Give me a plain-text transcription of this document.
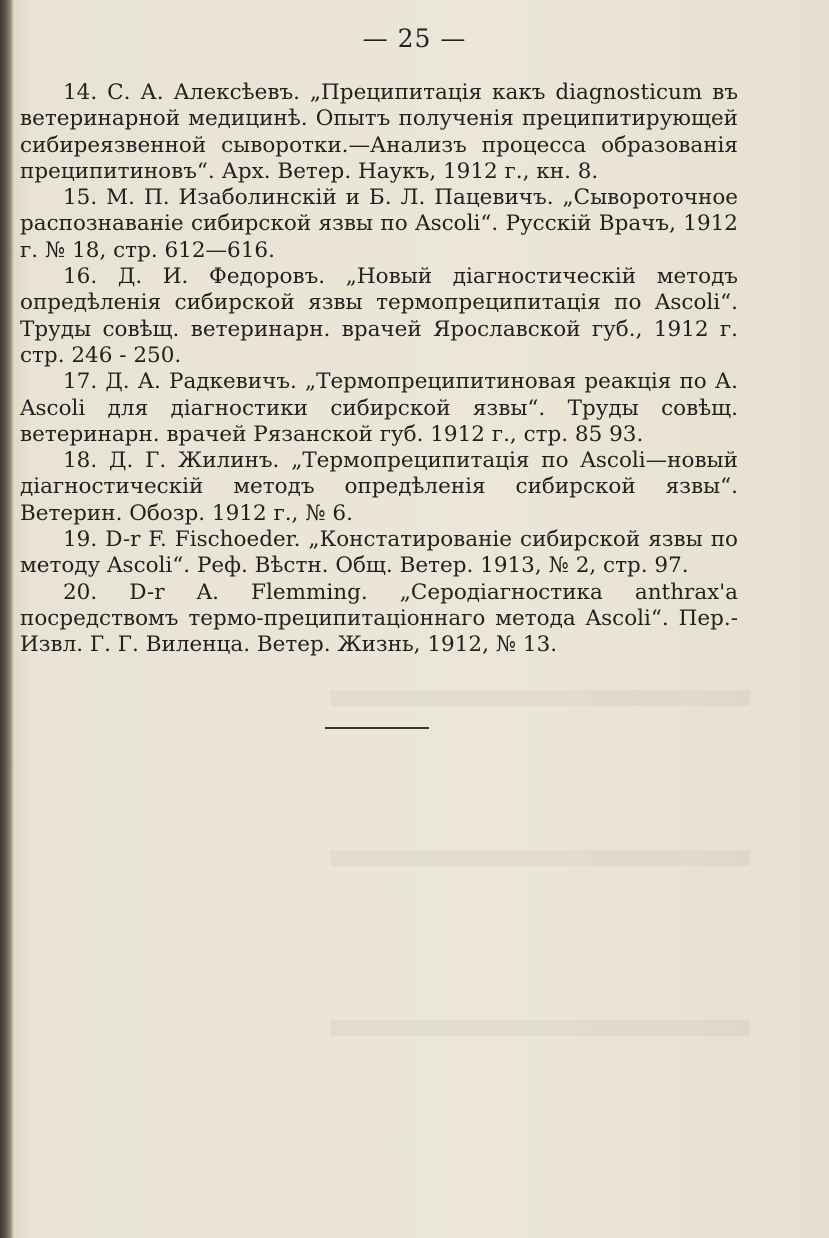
— 25 —

14. С. А. Алексѣевъ. „Преципитація какъ diagnosticum въ ветеринарной медицинѣ. Опытъ полученія преципитирующей сибиреязвенной сыворотки.—Анализъ процесса образованія преципитиновъ“. Арх. Ветер. Наукъ, 1912 г., кн. 8.

15. М. П. Изаболинскій и Б. Л. Пацевичъ. „Сывороточное распознаваніе сибирской язвы по Ascoli“. Русскій Врачъ, 1912 г. № 18, стр. 612—616.

16. Д. И. Федоровъ. „Новый діагностическій методъ опредѣленія сибирской язвы термопреципитація по Ascoli“. Труды совѣщ. ветеринарн. врачей Ярославской губ., 1912 г. стр. 246 - 250.

17. Д. А. Радкевичъ. „Термопреципитиновая реакція по А. Ascoli для діагностики сибирской язвы“. Труды совѣщ. ветеринарн. врачей Рязанской губ. 1912 г., стр. 85 93.

18. Д. Г. Жилинъ. „Термопреципитація по Ascoli—новый діагностическій методъ опредѣленія сибирской язвы“. Ветерин. Обозр. 1912 г., № 6.

19. D-r F. Fischoeder. „Констатированіе сибирской язвы по методу Ascoli“. Реф. Вѣстн. Общ. Ветер. 1913, № 2, стр. 97.

20. D-r A. Flemming. „Серодіагностика anthrax'а посредствомъ термо-преципитаціоннаго метода Ascoli“. Пер.-Извл. Г. Г. Виленца. Ветер. Жизнь, 1912, № 13.
